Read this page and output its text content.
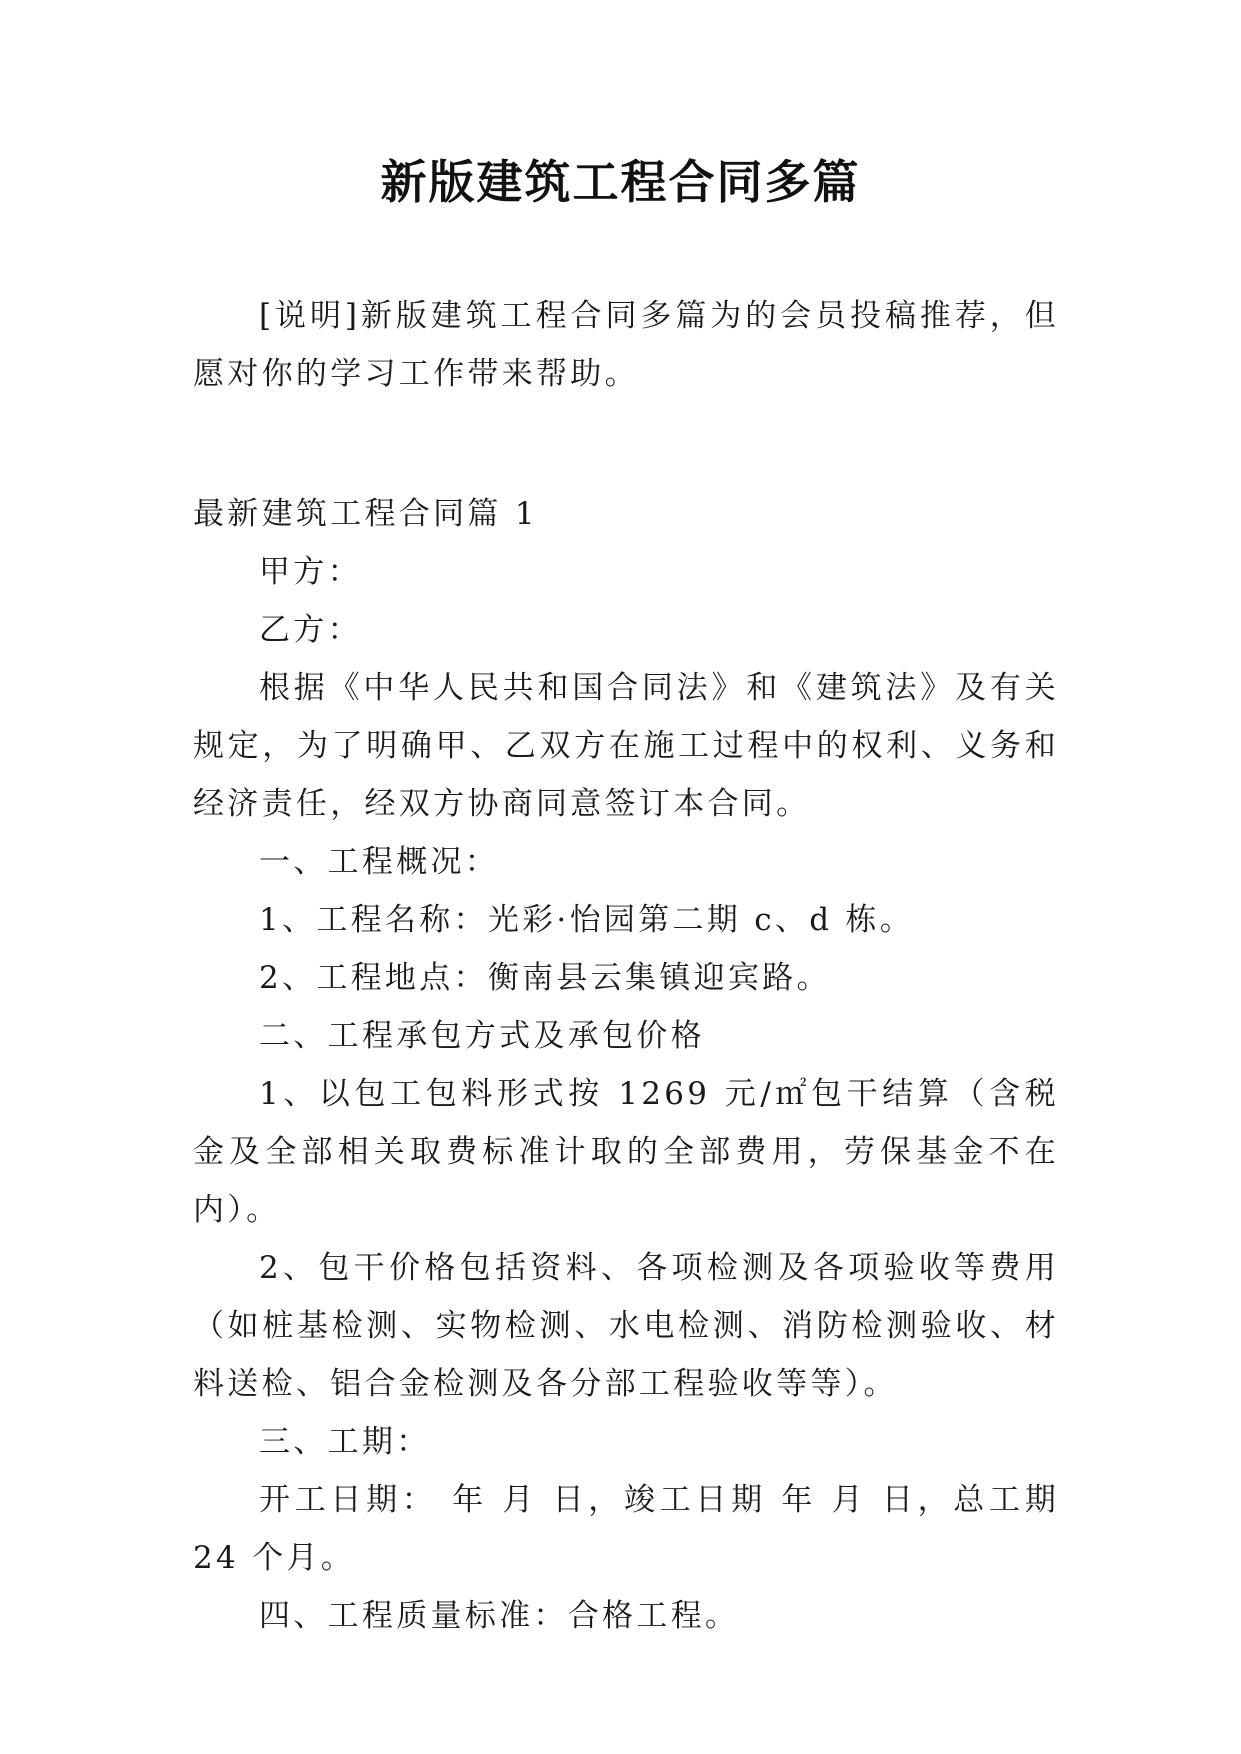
新版建筑工程合同多篇

[说明]新版建筑工程合同多篇为的会员投稿推荐，但愿对你的学习工作带来帮助。

最新建筑工程合同篇 1

甲方：

乙方：

根据《中华人民共和国合同法》和《建筑法》及有关规定，为了明确甲、乙双方在施工过程中的权利、义务和经济责任，经双方协商同意签订本合同。

一、工程概况：

1、工程名称：光彩·怡园第二期 c、d 栋。

2、工程地点：衡南县云集镇迎宾路。

二、工程承包方式及承包价格

1、以包工包料形式按 1269 元/㎡包干结算（含税金及全部相关取费标准计取的全部费用，劳保基金不在内）。

2、包干价格包括资料、各项检测及各项验收等费用（如桩基检测、实物检测、水电检测、消防检测验收、材料送检、铝合金检测及各分部工程验收等等）。

三、工期：

开工日期： 年 月 日，竣工日期 年 月 日，总工期 24 个月。

四、工程质量标准：合格工程。
